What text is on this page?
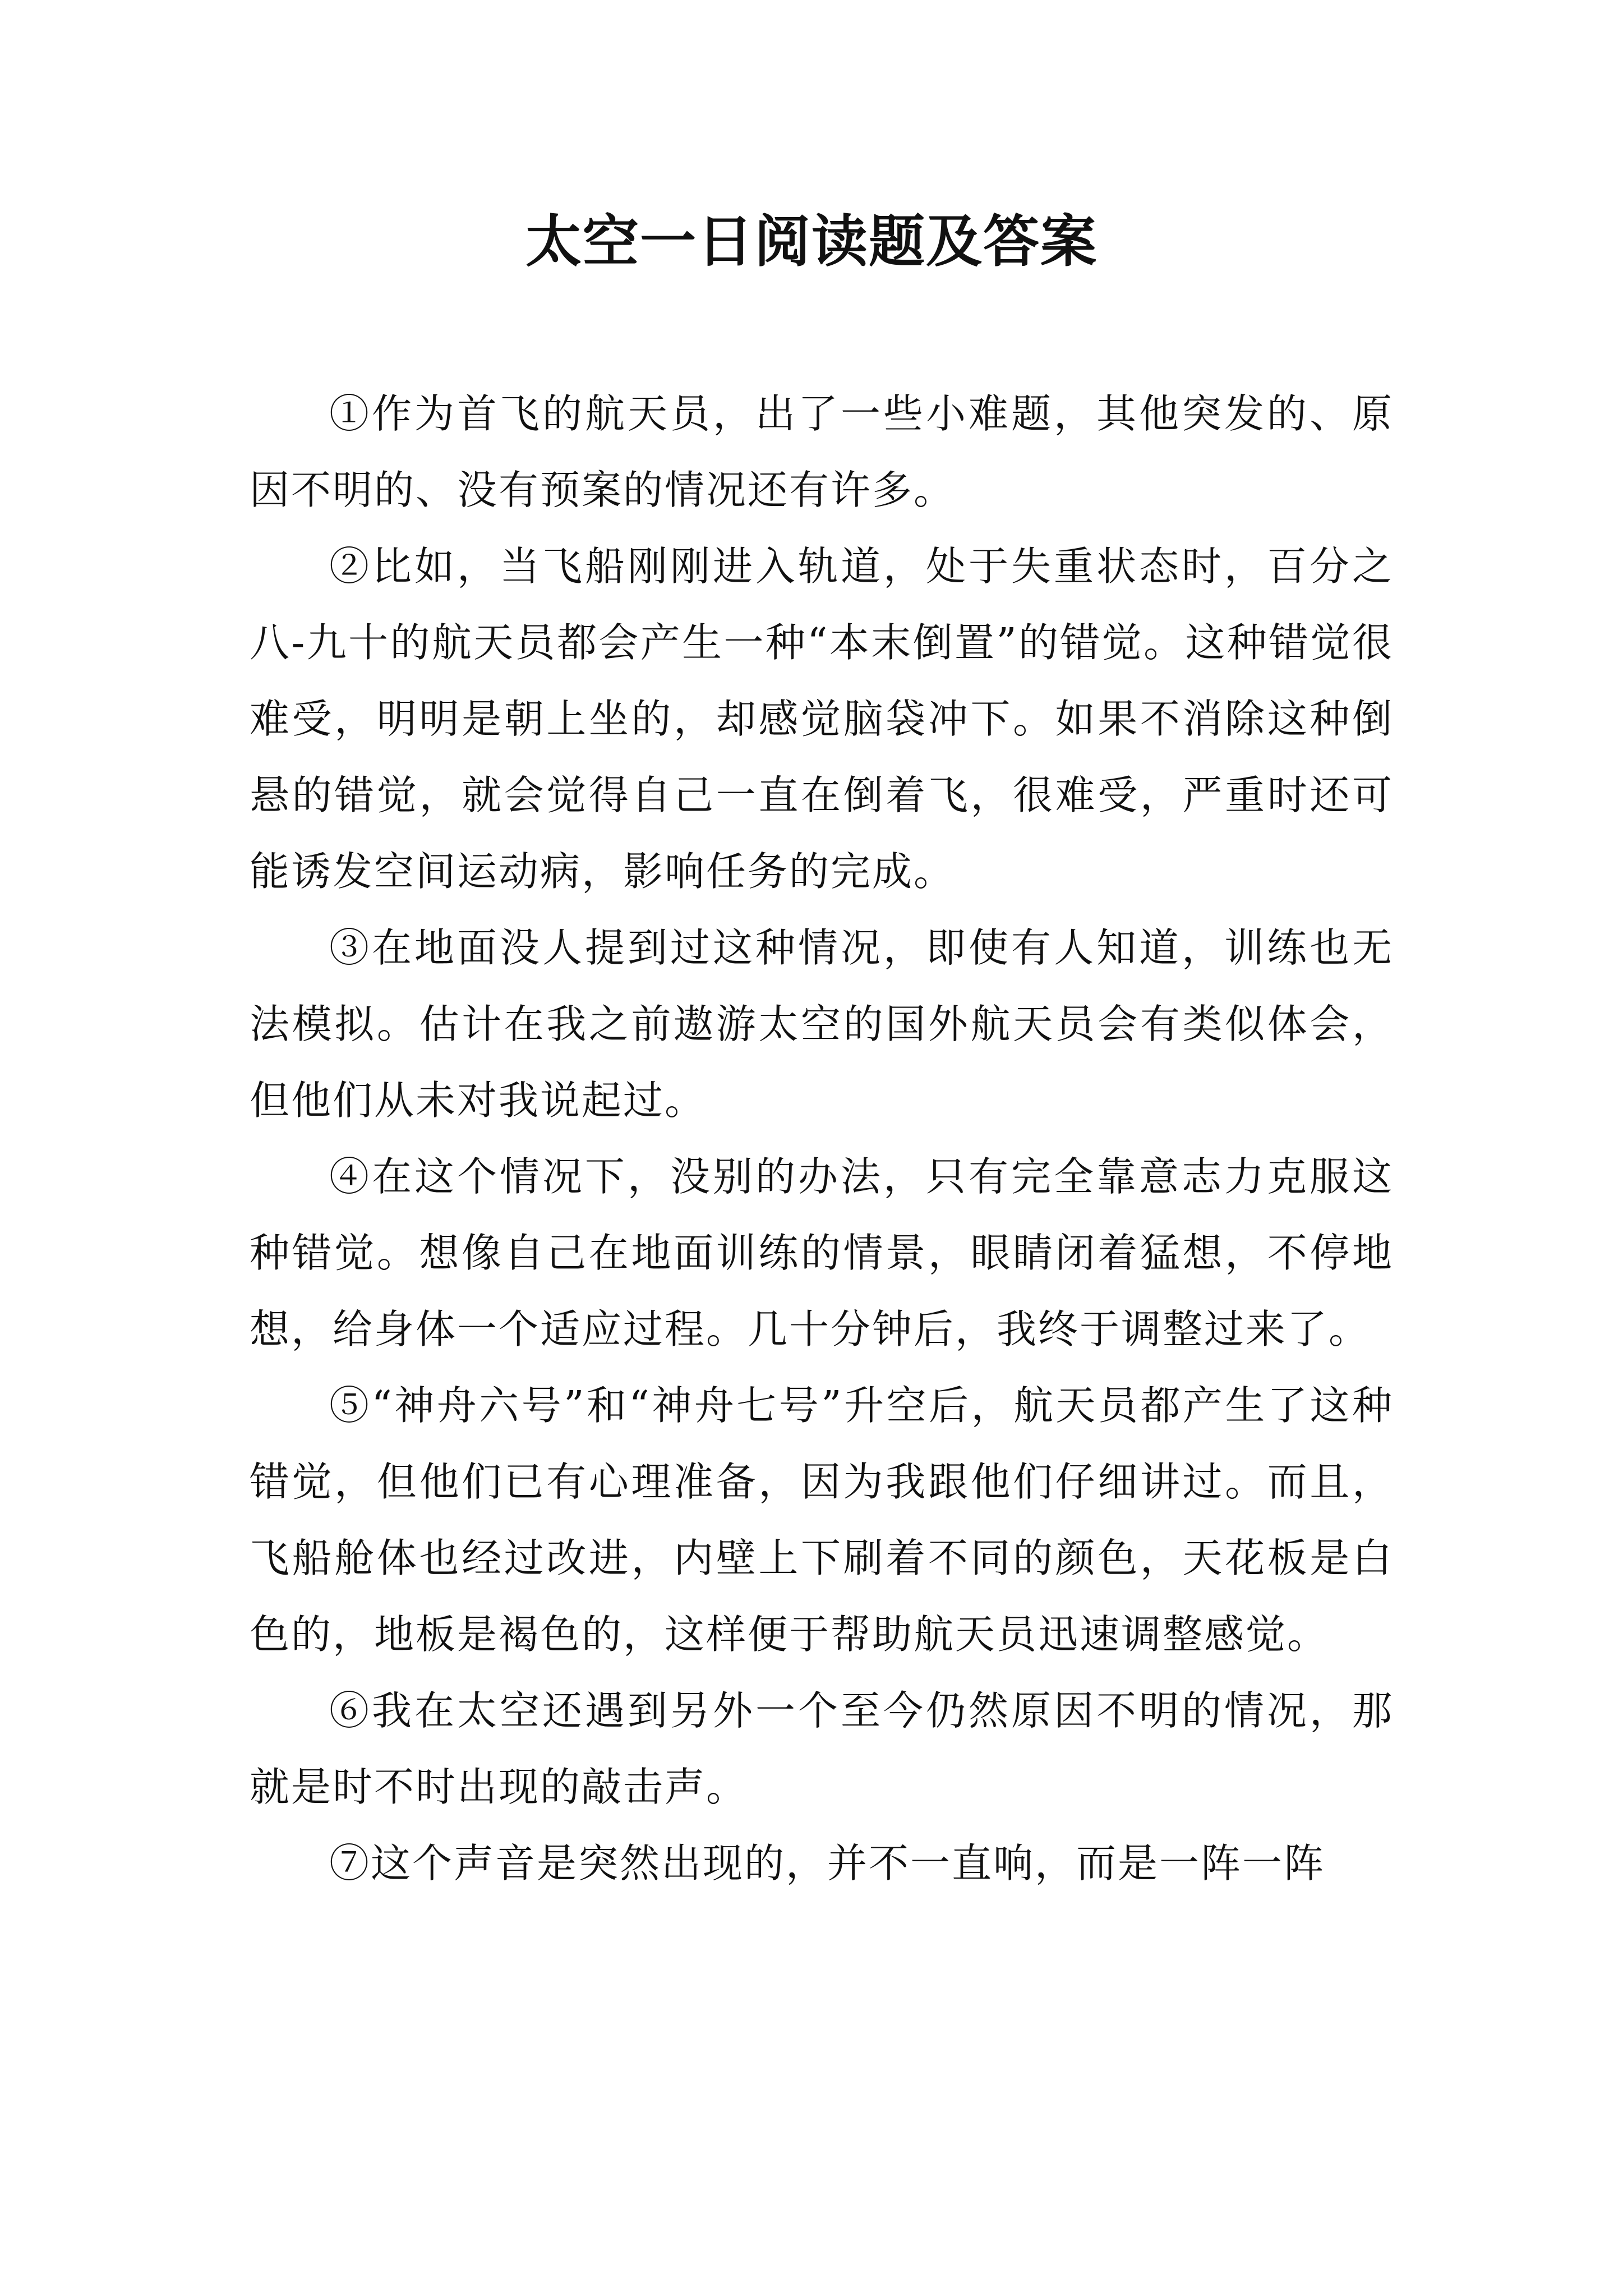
太空一日阅读题及答案

①作为首飞的航天员，出了一些小难题，其他突发的、原因不明的、没有预案的情况还有许多。

②比如，当飞船刚刚进入轨道，处于失重状态时，百分之八-九十的航天员都会产生一种“本末倒置”的错觉。这种错觉很难受，明明是朝上坐的，却感觉脑袋冲下。如果不消除这种倒悬的错觉，就会觉得自己一直在倒着飞，很难受，严重时还可能诱发空间运动病，影响任务的完成。

③在地面没人提到过这种情况，即使有人知道，训练也无法模拟。估计在我之前遨游太空的国外航天员会有类似体会，但他们从未对我说起过。

④在这个情况下，没别的办法，只有完全靠意志力克服这种错觉。想像自己在地面训练的情景，眼睛闭着猛想，不停地想，给身体一个适应过程。几十分钟后，我终于调整过来了。

⑤“神舟六号”和“神舟七号”升空后，航天员都产生了这种错觉，但他们已有心理准备，因为我跟他们仔细讲过。而且，飞船舱体也经过改进，内壁上下刷着不同的颜色，天花板是白色的，地板是褐色的，这样便于帮助航天员迅速调整感觉。

⑥我在太空还遇到另外一个至今仍然原因不明的情况，那就是时不时出现的敲击声。

⑦这个声音是突然出现的，并不一直响，而是一阵一阵
